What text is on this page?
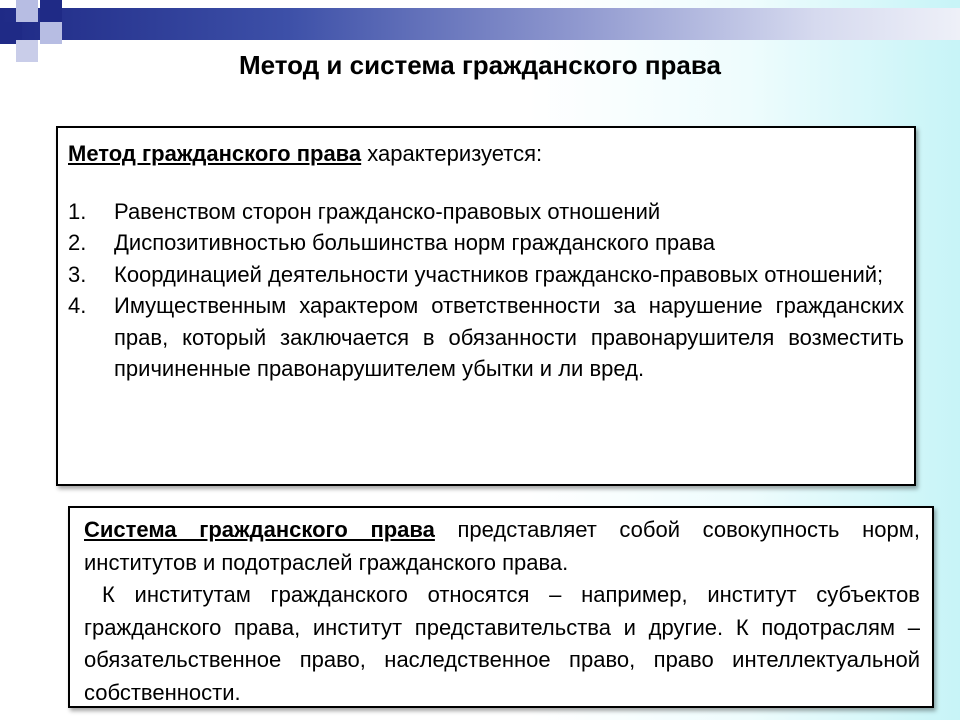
Метод и система гражданского права

Метод гражданского права характеризуется:

1. Равенством сторон гражданско-правовых отношений
2. Диспозитивностью большинства норм гражданского права
3. Координацией деятельности участников гражданско-правовых отношений;
4. Имущественным характером ответственности за нарушение гражданских прав, который заключается в обязанности правонарушителя возместить причиненные правонарушителем убытки и ли вред.

Система гражданского права представляет собой совокупность норм, институтов и подотраслей гражданского права.

К институтам гражданского относятся – например, институт субъектов гражданского права, институт представительства и другие. К подотраслям – обязательственное право, наследственное право, право интеллектуальной собственности.
